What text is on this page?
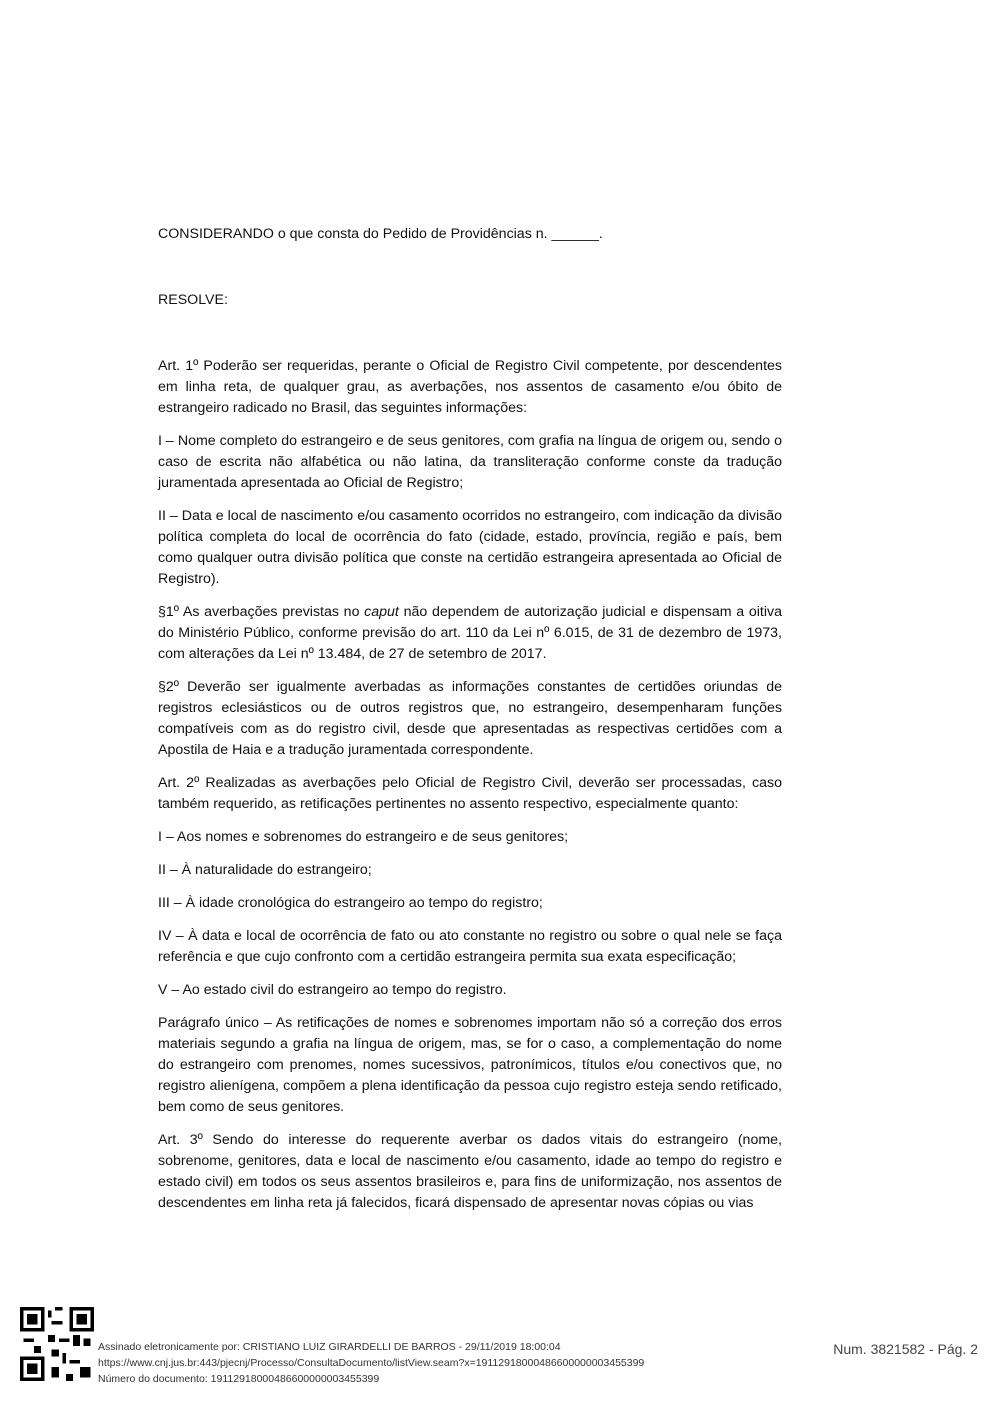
CONSIDERANDO o que consta do Pedido de Providências n. ______.
RESOLVE:

Art. 1º Poderão ser requeridas, perante o Oficial de Registro Civil competente, por descendentes em linha reta, de qualquer grau, as averbações, nos assentos de casamento e/ou óbito de estrangeiro radicado no Brasil, das seguintes informações:

I – Nome completo do estrangeiro e de seus genitores, com grafia na língua de origem ou, sendo o caso de escrita não alfabética ou não latina, da transliteração conforme conste da tradução juramentada apresentada ao Oficial de Registro;

II – Data e local de nascimento e/ou casamento ocorridos no estrangeiro, com indicação da divisão política completa do local de ocorrência do fato (cidade, estado, província, região e país, bem como qualquer outra divisão política que conste na certidão estrangeira apresentada ao Oficial de Registro).

§1º As averbações previstas no caput não dependem de autorização judicial e dispensam a oitiva do Ministério Público, conforme previsão do art. 110 da Lei nº 6.015, de 31 de dezembro de 1973, com alterações da Lei nº 13.484, de 27 de setembro de 2017.

§2º Deverão ser igualmente averbadas as informações constantes de certidões oriundas de registros eclesiásticos ou de outros registros que, no estrangeiro, desempenharam funções compatíveis com as do registro civil, desde que apresentadas as respectivas certidões com a Apostila de Haia e a tradução juramentada correspondente.

Art. 2º Realizadas as averbações pelo Oficial de Registro Civil, deverão ser processadas, caso também requerido, as retificações pertinentes no assento respectivo, especialmente quanto:

I – Aos nomes e sobrenomes do estrangeiro e de seus genitores;

II – À naturalidade do estrangeiro;

III – À idade cronológica do estrangeiro ao tempo do registro;

IV – À data e local de ocorrência de fato ou ato constante no registro ou sobre o qual nele se faça referência e que cujo confronto com a certidão estrangeira permita sua exata especificação;

V – Ao estado civil do estrangeiro ao tempo do registro.

Parágrafo único – As retificações de nomes e sobrenomes importam não só a correção dos erros materiais segundo a grafia na língua de origem, mas, se for o caso, a complementação do nome do estrangeiro com prenomes, nomes sucessivos, patronímicos, títulos e/ou conectivos que, no registro alienígena, compõem a plena identificação da pessoa cujo registro esteja sendo retificado, bem como de seus genitores.

Art. 3º Sendo do interesse do requerente averbar os dados vitais do estrangeiro (nome, sobrenome, genitores, data e local de nascimento e/ou casamento, idade ao tempo do registro e estado civil) em todos os seus assentos brasileiros e, para fins de uniformização, nos assentos de descendentes em linha reta já falecidos, ficará dispensado de apresentar novas cópias ou vias

Assinado eletronicamente por: CRISTIANO LUIZ GIRARDELLI DE BARROS - 29/11/2019 18:00:04
https://www.cnj.jus.br:443/pjecnj/Processo/ConsultaDocumento/listView.seam?x=19112918000486600000003455399
Número do documento: 19112918000486600000003455399
Num. 3821582 - Pág. 2
